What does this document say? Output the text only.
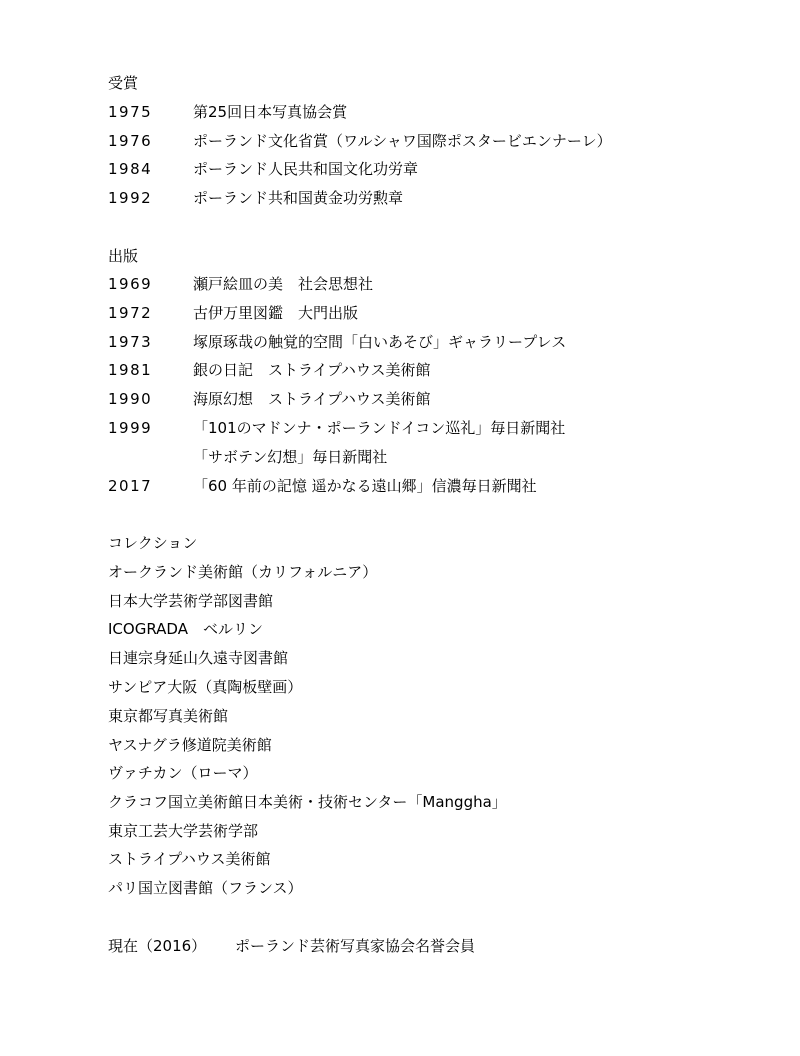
受賞
1975	第25回日本写真協会賞
1976	ポーランド文化省賞（ワルシャワ国際ポスタービエンナーレ）
1984	ポーランド人民共和国文化功労章
1992	ポーランド共和国黄金功労勲章
出版
1969	瀬戸絵皿の美　社会思想社
1972	古伊万里図鑑　大門出版
1973	塚原琢哉の触覚的空間「白いあそび」ギャラリープレス
1981	銀の日記　ストライプハウス美術館
1990	海原幻想　ストライプハウス美術館
1999	「101のマドンナ・ポーランドイコン巡礼」毎日新聞社
「サボテン幻想」毎日新聞社
2017	「60 年前の記憶 遥かなる遠山郷」信濃毎日新聞社
コレクション
オークランド美術館（カリフォルニア）
日本大学芸術学部図書館
ICOGRADA　ベルリン
日連宗身延山久遠寺図書館
サンピア大阪（真陶板壁画）
東京都写真美術館
ヤスナグラ修道院美術館
ヴァチカン（ローマ）
クラコフ国立美術館日本美術・技術センター「Manggha」
東京工芸大学芸術学部
ストライプハウス美術館
パリ国立図書館（フランス）
現在（2016） ポーランド芸術写真家協会名誉会員
